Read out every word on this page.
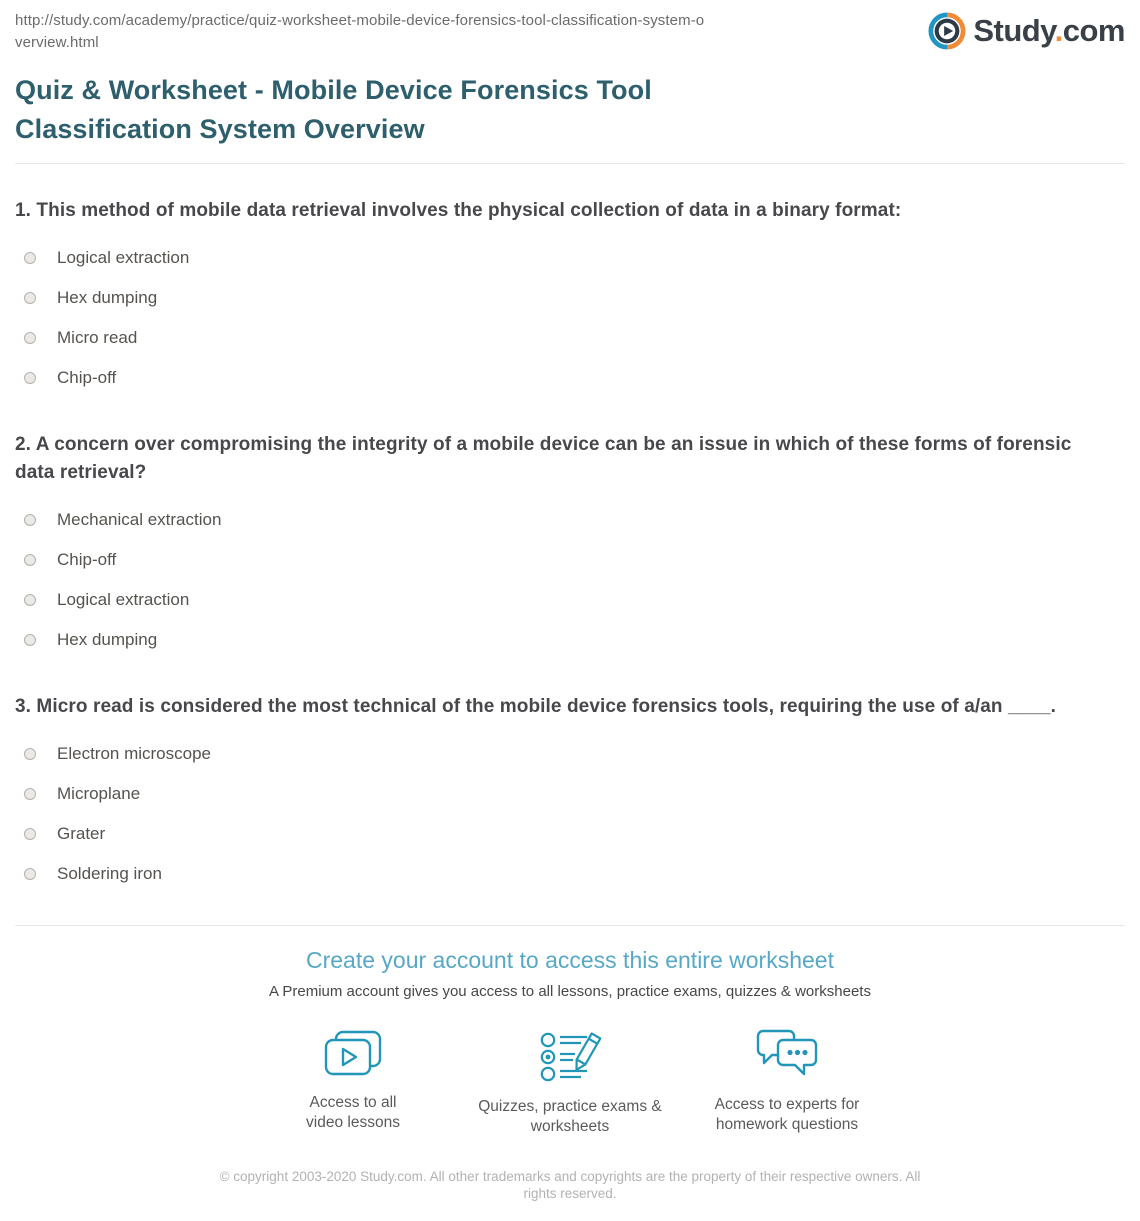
http://study.com/academy/practice/quiz-worksheet-mobile-device-forensics-tool-classification-system-overview.html	Study.com
Quiz & Worksheet - Mobile Device Forensics Tool Classification System Overview
1. This method of mobile data retrieval involves the physical collection of data in a binary format:
Logical extraction
Hex dumping
Micro read
Chip-off
2. A concern over compromising the integrity of a mobile device can be an issue in which of these forms of forensic data retrieval?
Mechanical extraction
Chip-off
Logical extraction
Hex dumping
3. Micro read is considered the most technical of the mobile device forensics tools, requiring the use of a/an ____.
Electron microscope
Microplane
Grater
Soldering iron
Create your account to access this entire worksheet

A Premium account gives you access to all lessons, practice exams, quizzes & worksheets

Access to all video lessons
Quizzes, practice exams & worksheets
Access to experts for homework questions

© copyright 2003-2020 Study.com. All other trademarks and copyrights are the property of their respective owners. All rights reserved.
